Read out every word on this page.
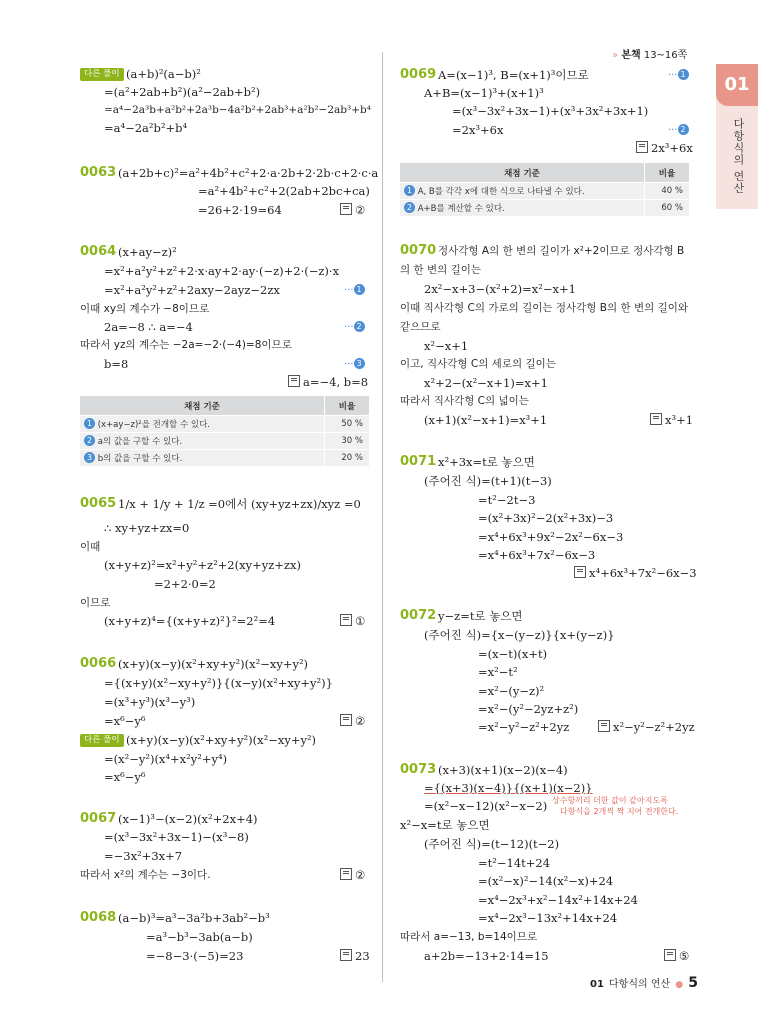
» 본책 13~16쪽
01
다항식의 연산
다른 풀이 (a+b)²(a−b)²
=(a²+2ab+b²)(a²−2ab+b²)
=a⁴−2a³b+a²b²+2a³b−4a²b²+2ab³+a²b²−2ab³+b⁴
=a⁴−2a²b²+b⁴
0063 (a+2b+c)²=a²+4b²+c²+2·a·2b+2·2b·c+2·c·a
=a²+4b²+c²+2(2ab+2bc+ca)
=26+2·19=64	②
0064 (x+ay−z)²
=x²+a²y²+z²+2·x·ay+2·ay·(−z)+2·(−z)·x
=x²+a²y²+z²+2axy−2ayz−2zx	··· 1
이때 xy의 계수가 −8이므로
2a=−8 ∴ a=−4	··· 2
따라서 yz의 계수는 −2a=−2·(−4)=8이므로
b=8	··· 3
a=−4, b=8
채점 기준	비율
1 (x+ay−z)²을 전개할 수 있다.	50 %
2 a의 값을 구할 수 있다.	30 %
3 b의 값을 구할 수 있다.	20 %
0065 1/x + 1/y + 1/z =0에서 (xy+yz+zx)/xyz =0
∴ xy+yz+zx=0
이때
(x+y+z)²=x²+y²+z²+2(xy+yz+zx)
=2+2·0=2
이므로
(x+y+z)⁴={(x+y+z)²}²=2²=4	①
0066 (x+y)(x−y)(x²+xy+y²)(x²−xy+y²)
={(x+y)(x²−xy+y²)}{(x−y)(x²+xy+y²)}
=(x³+y³)(x³−y³)
=x⁶−y⁶	②
다른 풀이 (x+y)(x−y)(x²+xy+y²)(x²−xy+y²)
=(x²−y²)(x⁴+x²y²+y⁴)
=x⁶−y⁶
0067 (x−1)³−(x−2)(x²+2x+4)
=(x³−3x²+3x−1)−(x³−8)
=−3x²+3x+7
따라서 x²의 계수는 −3이다.	②
0068 (a−b)³=a³−3a²b+3ab²−b³
=a³−b³−3ab(a−b)
=−8−3·(−5)=23	23
0069 A=(x−1)³, B=(x+1)³이므로	··· 1
A+B=(x−1)³+(x+1)³
=(x³−3x²+3x−1)+(x³+3x²+3x+1)
=2x³+6x	··· 2
2x³+6x
채점 기준	비율
1 A, B를 각각 x에 대한 식으로 나타낼 수 있다.	40 %
2 A+B를 계산할 수 있다.	60 %
0070 정사각형 A의 한 변의 길이가 x²+2이므로 정사각형 B
의 한 변의 길이는
2x²−x+3−(x²+2)=x²−x+1
이때 직사각형 C의 가로의 길이는 정사각형 B의 한 변의 길이와
같으므로
x²−x+1
이고, 직사각형 C의 세로의 길이는
x²+2−(x²−x+1)=x+1
따라서 직사각형 C의 넓이는
(x+1)(x²−x+1)=x³+1	x³+1
0071 x²+3x=t로 놓으면
(주어진 식)=(t+1)(t−3)
=t²−2t−3
=(x²+3x)²−2(x²+3x)−3
=x⁴+6x³+9x²−2x²−6x−3
=x⁴+6x³+7x²−6x−3
x⁴+6x³+7x²−6x−3
0072 y−z=t로 놓으면
(주어진 식)={x−(y−z)}{x+(y−z)}
=(x−t)(x+t)
=x²−t²
=x²−(y−z)²
=x²−(y²−2yz+z²)
=x²−y²−z²+2yz	x²−y²−z²+2yz
0073 (x+3)(x+1)(x−2)(x−4)
={(x+3)(x−4)}{(x+1)(x−2)}
=(x²−x−12)(x²−x−2) 상수항끼리 더한 값이 같아지도록
다항식을 2개씩 짝 지어 전개한다.
x²−x=t로 놓으면
(주어진 식)=(t−12)(t−2)
=t²−14t+24
=(x²−x)²−14(x²−x)+24
=x⁴−2x³+x²−14x²+14x+24
=x⁴−2x³−13x²+14x+24
따라서 a=−13, b=14이므로
a+2b=−13+2·14=15	⑤
01 다항식의 연산 ● 5
